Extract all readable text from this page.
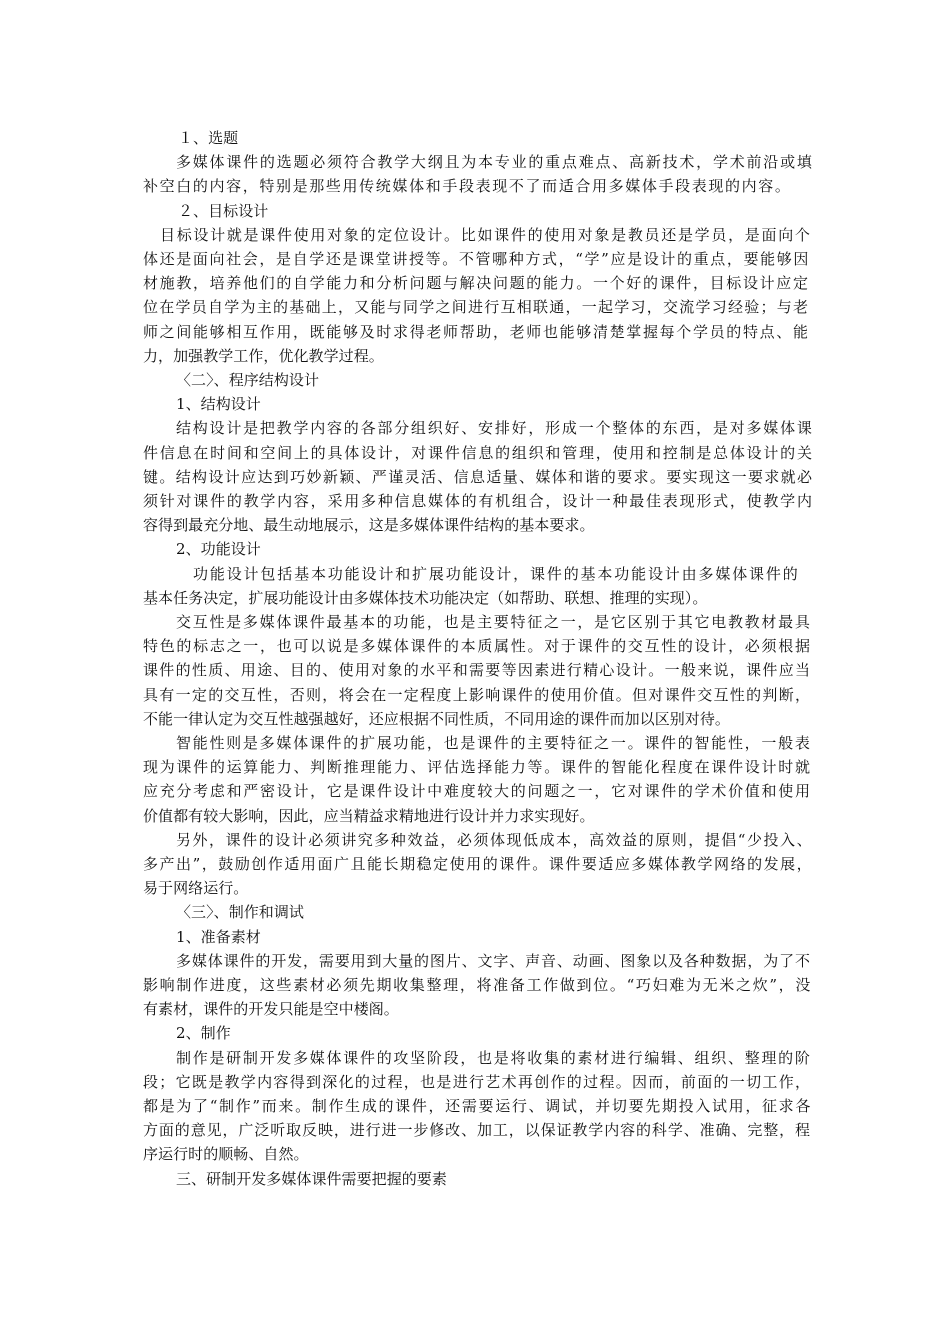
１、选题
多媒体课件的选题必须符合教学大纲且为本专业的重点难点、高新技术，学术前沿或填
补空白的内容，特别是那些用传统媒体和手段表现不了而适合用多媒体手段表现的内容。
２、目标设计
目标设计就是课件使用对象的定位设计。比如课件的使用对象是教员还是学员，是面向个
体还是面向社会，是自学还是课堂讲授等。不管哪种方式，“学”应是设计的重点，要能够因
材施教，培养他们的自学能力和分析问题与解决问题的能力。一个好的课件，目标设计应定
位在学员自学为主的基础上，又能与同学之间进行互相联通，一起学习，交流学习经验；与老
师之间能够相互作用，既能够及时求得老师帮助，老师也能够清楚掌握每个学员的特点、能
力，加强教学工作，优化教学过程。
〈二〉、程序结构设计
1、结构设计
结构设计是把教学内容的各部分组织好、安排好，形成一个整体的东西，是对多媒体课
件信息在时间和空间上的具体设计，对课件信息的组织和管理，使用和控制是总体设计的关
键。结构设计应达到巧妙新颖、严谨灵活、信息适量、媒体和谐的要求。要实现这一要求就必
须针对课件的教学内容，采用多种信息媒体的有机组合，设计一种最佳表现形式，使教学内
容得到最充分地、最生动地展示，这是多媒体课件结构的基本要求。
2、功能设计
功能设计包括基本功能设计和扩展功能设计，课件的基本功能设计由多媒体课件的
基本任务决定，扩展功能设计由多媒体技术功能决定（如帮助、联想、推理的实现）。
交互性是多媒体课件最基本的功能，也是主要特征之一，是它区别于其它电教教材最具
特色的标志之一，也可以说是多媒体课件的本质属性。对于课件的交互性的设计，必须根据
课件的性质、用途、目的、使用对象的水平和需要等因素进行精心设计。一般来说，课件应当
具有一定的交互性，否则，将会在一定程度上影响课件的使用价值。但对课件交互性的判断，
不能一律认定为交互性越强越好，还应根据不同性质，不同用途的课件而加以区别对待。
智能性则是多媒体课件的扩展功能，也是课件的主要特征之一。课件的智能性，一般表
现为课件的运算能力、判断推理能力、评估选择能力等。课件的智能化程度在课件设计时就
应充分考虑和严密设计，它是课件设计中难度较大的问题之一，它对课件的学术价值和使用
价值都有较大影响，因此，应当精益求精地进行设计并力求实现好。
另外，课件的设计必须讲究多种效益，必须体现低成本，高效益的原则，提倡“少投入、
多产出”，鼓励创作适用面广且能长期稳定使用的课件。课件要适应多媒体教学网络的发展，
易于网络运行。
〈三〉、制作和调试
1、准备素材
多媒体课件的开发，需要用到大量的图片、文字、声音、动画、图象以及各种数据，为了不
影响制作进度，这些素材必须先期收集整理，将准备工作做到位。“巧妇难为无米之炊”，没
有素材，课件的开发只能是空中楼阁。
2、制作
制作是研制开发多媒体课件的攻坚阶段，也是将收集的素材进行编辑、组织、整理的阶
段；它既是教学内容得到深化的过程，也是进行艺术再创作的过程。因而，前面的一切工作，
都是为了“制作”而来。制作生成的课件，还需要运行、调试，并切要先期投入试用，征求各
方面的意见，广泛听取反映，进行进一步修改、加工，以保证教学内容的科学、准确、完整，程
序运行时的顺畅、自然。
三、研制开发多媒体课件需要把握的要素
